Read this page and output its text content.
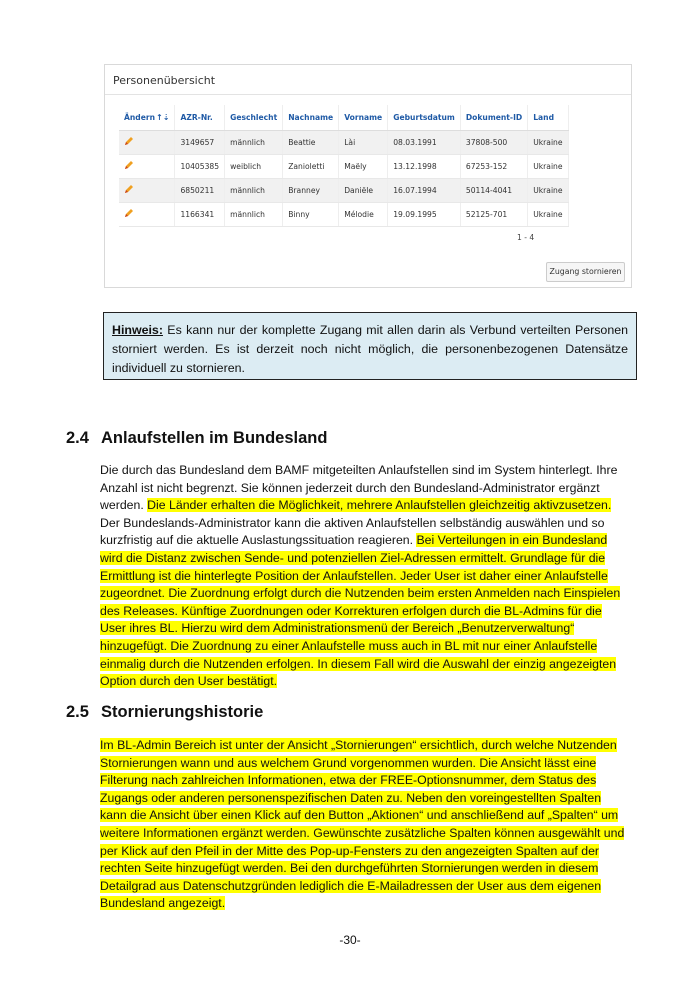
Personenübersicht
Ändern↑⇣	AZR-Nr.	Geschlecht	Nachname	Vorname	Geburtsdatum	Dokument-ID	Land
	3149657	männlich	Beattie	Lài	08.03.1991	37808-500	Ukraine
	10405385	weiblich	Zanioletti	Maëly	13.12.1998	67253-152	Ukraine
	6850211	männlich	Branney	Daniële	16.07.1994	50114-4041	Ukraine
	1166341	männlich	Binny	Mélodie	19.09.1995	52125-701	Ukraine
1 - 4
Zugang stornieren
Hinweis: Es kann nur der komplette Zugang mit allen darin als Verbund verteilten Personen storniert werden. Es ist derzeit noch nicht möglich, die personenbezogenen Datensätze individuell zu stornieren.
2.4 Anlaufstellen im Bundesland
Die durch das Bundesland dem BAMF mitgeteilten Anlaufstellen sind im System hinterlegt. Ihre Anzahl ist nicht begrenzt. Sie können jederzeit durch den Bundesland-Administrator ergänzt werden. Die Länder erhalten die Möglichkeit, mehrere Anlaufstellen gleichzeitig aktivzusetzen. Der Bundeslands-Administrator kann die aktiven Anlaufstellen selbständig auswählen und so kurzfristig auf die aktuelle Auslastungssituation reagieren. Bei Verteilungen in ein Bundesland wird die Distanz zwischen Sende- und potenziellen Ziel-Adressen ermittelt. Grundlage für die Ermittlung ist die hinterlegte Position der Anlaufstellen. Jeder User ist daher einer Anlaufstelle zugeordnet. Die Zuordnung erfolgt durch die Nutzenden beim ersten Anmelden nach Einspielen des Releases. Künftige Zuordnungen oder Korrekturen erfolgen durch die BL-Admins für die User ihres BL. Hierzu wird dem Administrationsmenü der Bereich „Benutzerverwaltung“ hinzugefügt. Die Zuordnung zu einer Anlaufstelle muss auch in BL mit nur einer Anlaufstelle einmalig durch die Nutzenden erfolgen. In diesem Fall wird die Auswahl der einzig angezeigten Option durch den User bestätigt.
2.5 Stornierungshistorie
Im BL-Admin Bereich ist unter der Ansicht „Stornierungen“ ersichtlich, durch welche Nutzenden Stornierungen wann und aus welchem Grund vorgenommen wurden. Die Ansicht lässt eine Filterung nach zahlreichen Informationen, etwa der FREE-Optionsnummer, dem Status des Zugangs oder anderen personenspezifischen Daten zu. Neben den voreingestellten Spalten kann die Ansicht über einen Klick auf den Button „Aktionen“ und anschließend auf „Spalten“ um weitere Informationen ergänzt werden. Gewünschte zusätzliche Spalten können ausgewählt und per Klick auf den Pfeil in der Mitte des Pop-up-Fensters zu den angezeigten Spalten auf der rechten Seite hinzugefügt werden. Bei den durchgeführten Stornierungen werden in diesem Detailgrad aus Datenschutzgründen lediglich die E-Mailadressen der User aus dem eigenen Bundesland angezeigt.
-30-
